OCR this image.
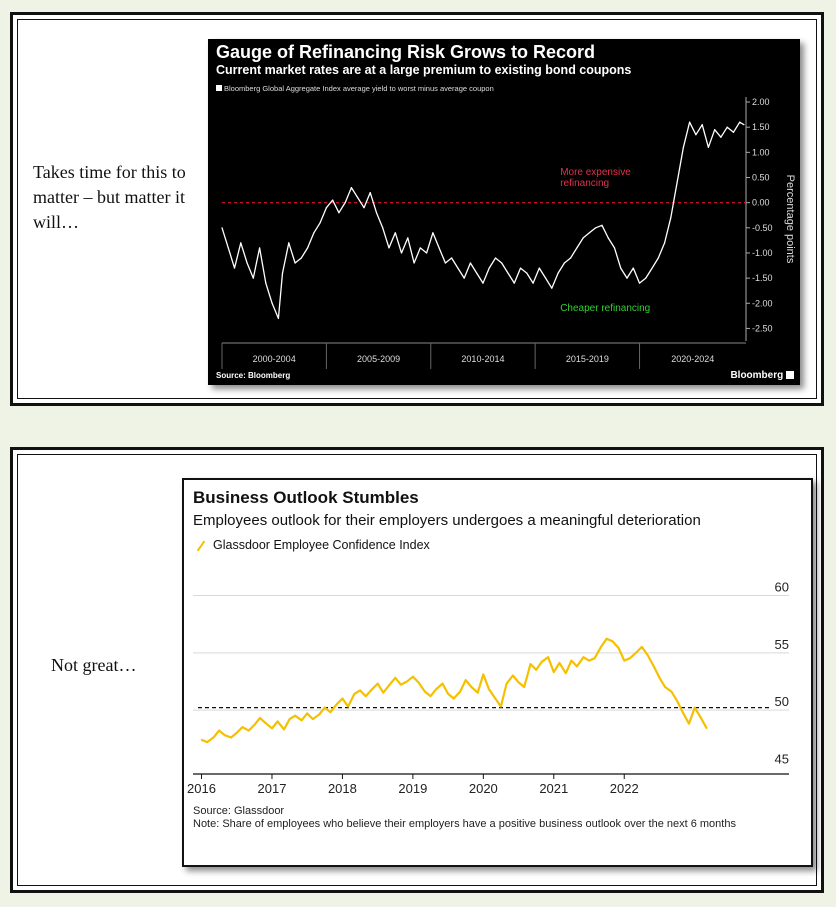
Takes time for this to matter – but matter it will…
Gauge of Refinancing Risk Grows to Record
Current market rates are at a large premium to existing bond coupons
Bloomberg Global Aggregate Index average yield to worst minus average coupon
2.00
1.50
1.00
0.50
0.00
-0.50
-1.00
-1.50
-2.00
-2.50
2000-2004	2005-2009	2010-2014	2015-2019	2020-2024
More expensive refinancing
Cheaper refinancing
Percentage points
Source: Bloomberg	Bloomberg
Not great…
Business Outlook Stumbles
Employees outlook for their employers undergoes a meaningful deterioration
Glassdoor Employee Confidence Index
60
55
50
45
2016	2017	2018	2019	2020	2021	2022
Source: Glassdoor
Note: Share of employees who believe their employers have a positive business outlook over the next 6 months
